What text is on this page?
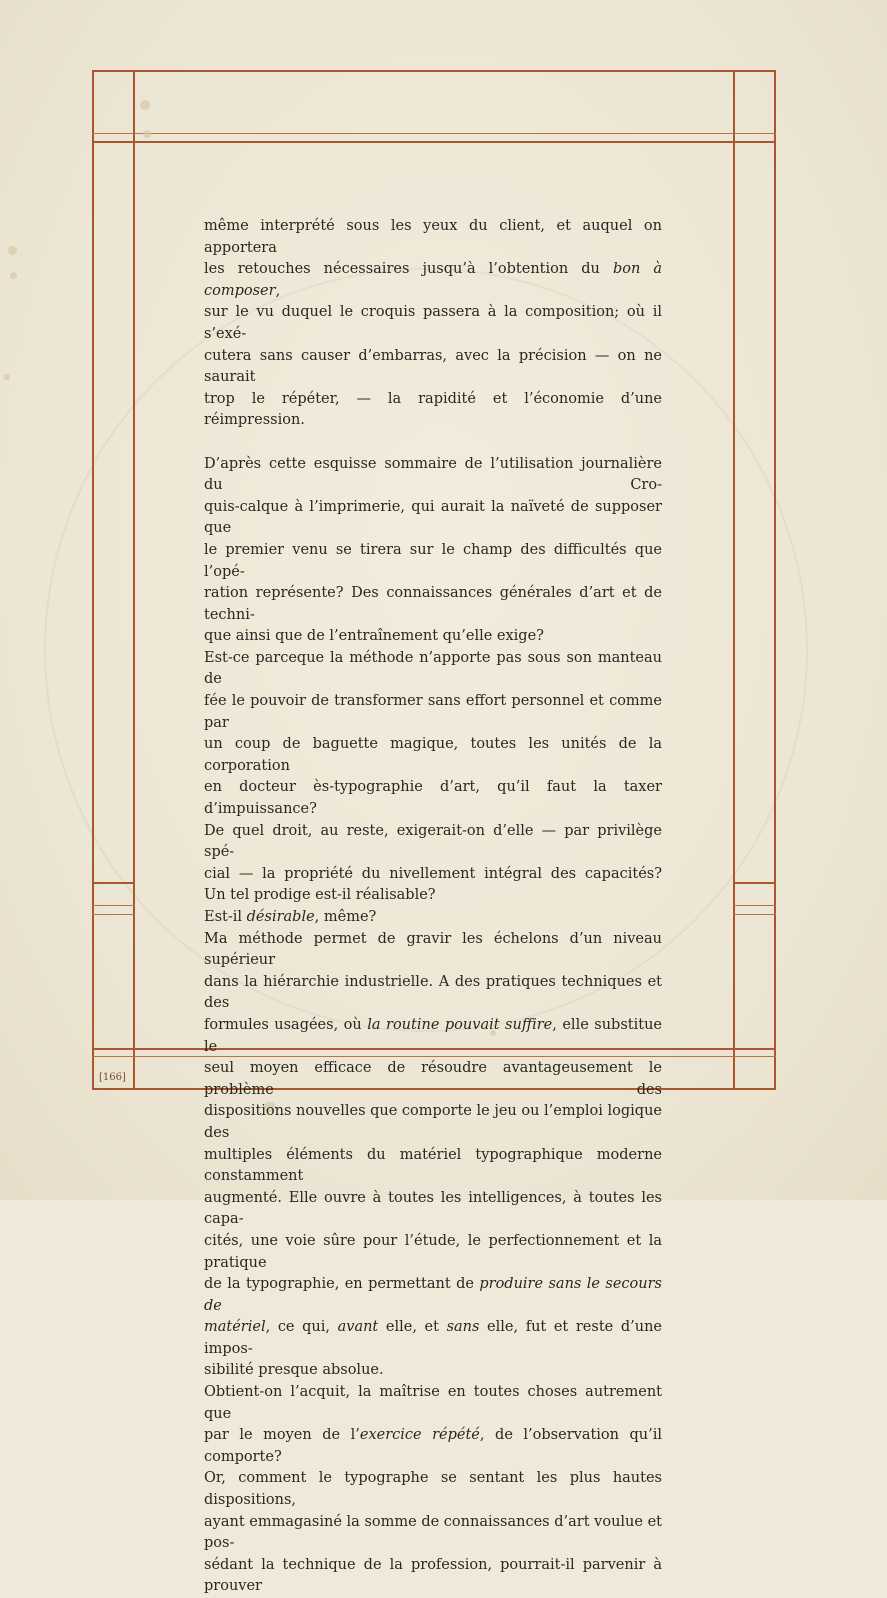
même interprété sous les yeux du client, et auquel on apportera

les retouches nécessaires jusqu’à l’obtention du bon à composer,

sur le vu duquel le croquis passera à la composition; où il s’exé-

cutera sans causer d’embarras, avec la précision — on ne saurait

trop le répéter, — la rapidité et l’économie d’une réimpression.

D’après cette esquisse sommaire de l’utilisation journalière du Cro-

quis-calque à l’imprimerie, qui aurait la naïveté de supposer que

le premier venu se tirera sur le champ des difficultés que l’opé-

ration représente? Des connaissances générales d’art et de techni-

que ainsi que de l’entraînement qu’elle exige?

Est-ce parceque la méthode n’apporte pas sous son manteau de

fée le pouvoir de transformer sans effort personnel et comme par

un coup de baguette magique, toutes les unités de la corporation

en docteur ès-typographie d’art, qu’il faut la taxer d’impuissance?

De quel droit, au reste, exigerait-on d’elle — par privilège spé-

cial — la propriété du nivellement intégral des capacités?

Un tel prodige est-il réalisable?

Est-il désirable, même?

Ma méthode permet de gravir les échelons d’un niveau supérieur

dans la hiérarchie industrielle. A des pratiques techniques et des

formules usagées, où la routine pouvait suffire, elle substitue le

seul moyen efficace de résoudre avantageusement le problème des

dispositions nouvelles que comporte le jeu ou l’emploi logique des

multiples éléments du matériel typographique moderne constamment

augmenté. Elle ouvre à toutes les intelligences, à toutes les capa-

cités, une voie sûre pour l’étude, le perfectionnement et la pratique

de la typographie, en permettant de produire sans le secours de

matériel, ce qui, avant elle, et sans elle, fut et reste d’une impos-

sibilité presque absolue.

Obtient-on l’acquit, la maîtrise en toutes choses autrement que

par le moyen de l’exercice répété, de l’observation qu’il comporte?

Or, comment le typographe se sentant les plus hautes dispositions,

ayant emmagasiné la somme de connaissances d’art voulue et pos-

sédant la technique de la profession, pourrait-il parvenir à prouver

[166]
